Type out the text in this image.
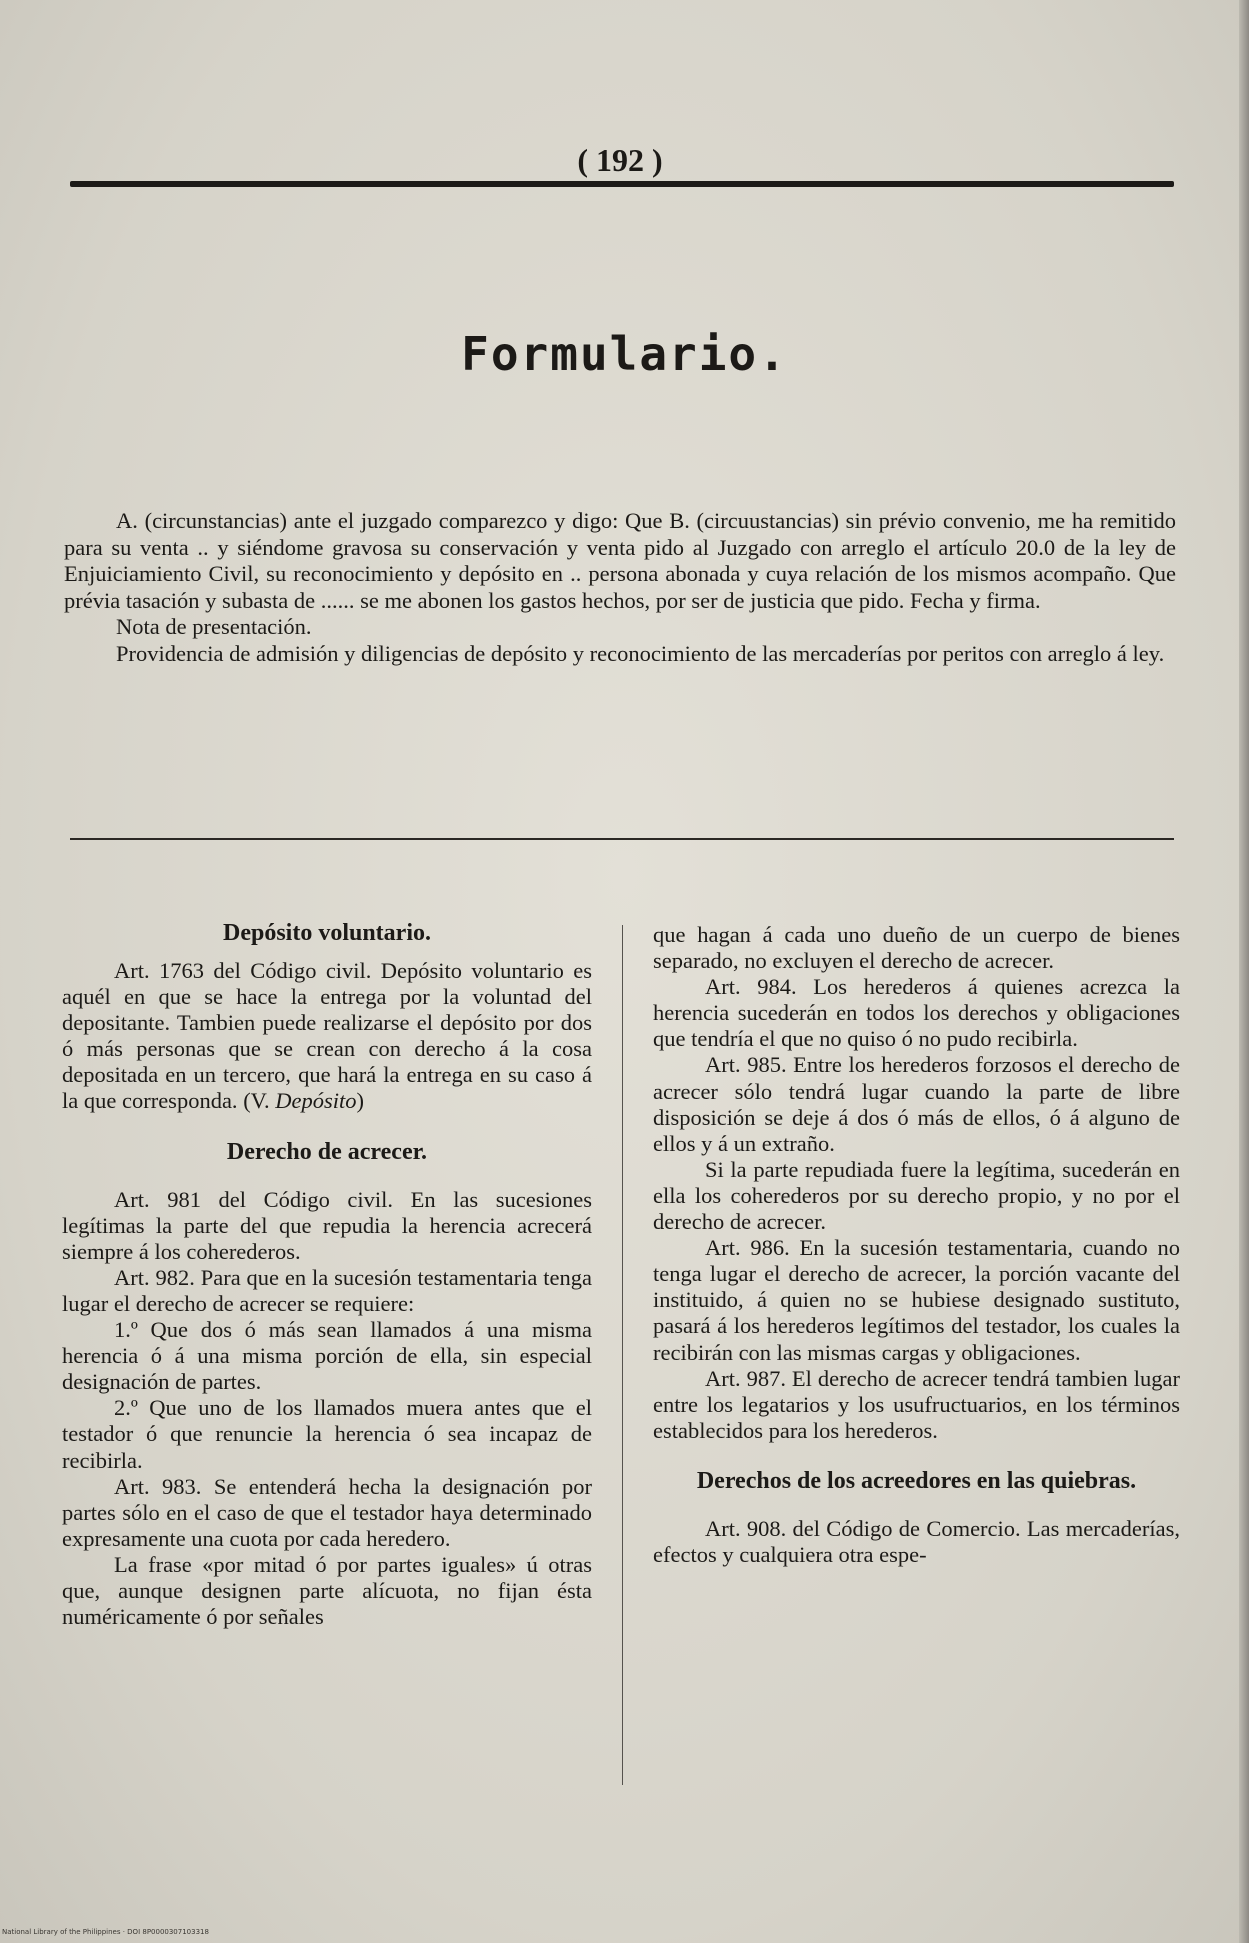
( 192 )
Formulario.

A. (circunstancias) ante el juzgado comparezco y digo: Que B. (circuustancias) sin prévio convenio, me ha remitido para su venta .. y siéndome gravosa su conservación y venta pido al Juzgado con arreglo el artículo 20.0 de la ley de Enjuiciamiento Civil, su reconocimiento y depósito en .. persona abonada y cuya relación de los mismos acompaño. Que prévia tasación y subasta de ...... se me abonen los gastos hechos, por ser de justicia que pido. Fecha y firma.

Nota de presentación.

Providencia de admisión y diligencias de depósito y reconocimiento de las mercaderías por peritos con arreglo á ley.

Depósito voluntario.

Art. 1763 del Código civil. Depósito voluntario es aquél en que se hace la entrega por la voluntad del depositante. Tambien puede realizarse el depósito por dos ó más personas que se crean con derecho á la cosa depositada en un tercero, que hará la entrega en su caso á la que corresponda. (V. Depósito)

Derecho de acrecer.

Art. 981 del Código civil. En las sucesiones legítimas la parte del que repudia la herencia acrecerá siempre á los coherederos.

Art. 982. Para que en la sucesión testamentaria tenga lugar el derecho de acrecer se requiere:

1.º Que dos ó más sean llamados á una misma herencia ó á una misma porción de ella, sin especial designación de partes.

2.º Que uno de los llamados muera antes que el testador ó que renuncie la herencia ó sea incapaz de recibirla.

Art. 983. Se entenderá hecha la designación por partes sólo en el caso de que el testador haya determinado expresamente una cuota por cada heredero.

La frase «por mitad ó por partes iguales» ú otras que, aunque designen parte alícuota, no fijan ésta numéricamente ó por señales

que hagan á cada uno dueño de un cuerpo de bienes separado, no excluyen el derecho de acrecer.

Art. 984. Los herederos á quienes acrezca la herencia sucederán en todos los derechos y obligaciones que tendría el que no quiso ó no pudo recibirla.

Art. 985. Entre los herederos forzosos el derecho de acrecer sólo tendrá lugar cuando la parte de libre disposición se deje á dos ó más de ellos, ó á alguno de ellos y á un extraño.

Si la parte repudiada fuere la legítima, sucederán en ella los coherederos por su derecho propio, y no por el derecho de acrecer.

Art. 986. En la sucesión testamentaria, cuando no tenga lugar el derecho de acrecer, la porción vacante del instituido, á quien no se hubiese designado sustituto, pasará á los herederos legítimos del testador, los cuales la recibirán con las mismas cargas y obligaciones.

Art. 987. El derecho de acrecer tendrá tambien lugar entre los legatarios y los usufructuarios, en los términos establecidos para los herederos.

Derechos de los acreedores en las quiebras.

Art. 908. del Código de Comercio. Las mercaderías, efectos y cualquiera otra espe-

National Library of the Philippines · DOI 8P0000307103318
